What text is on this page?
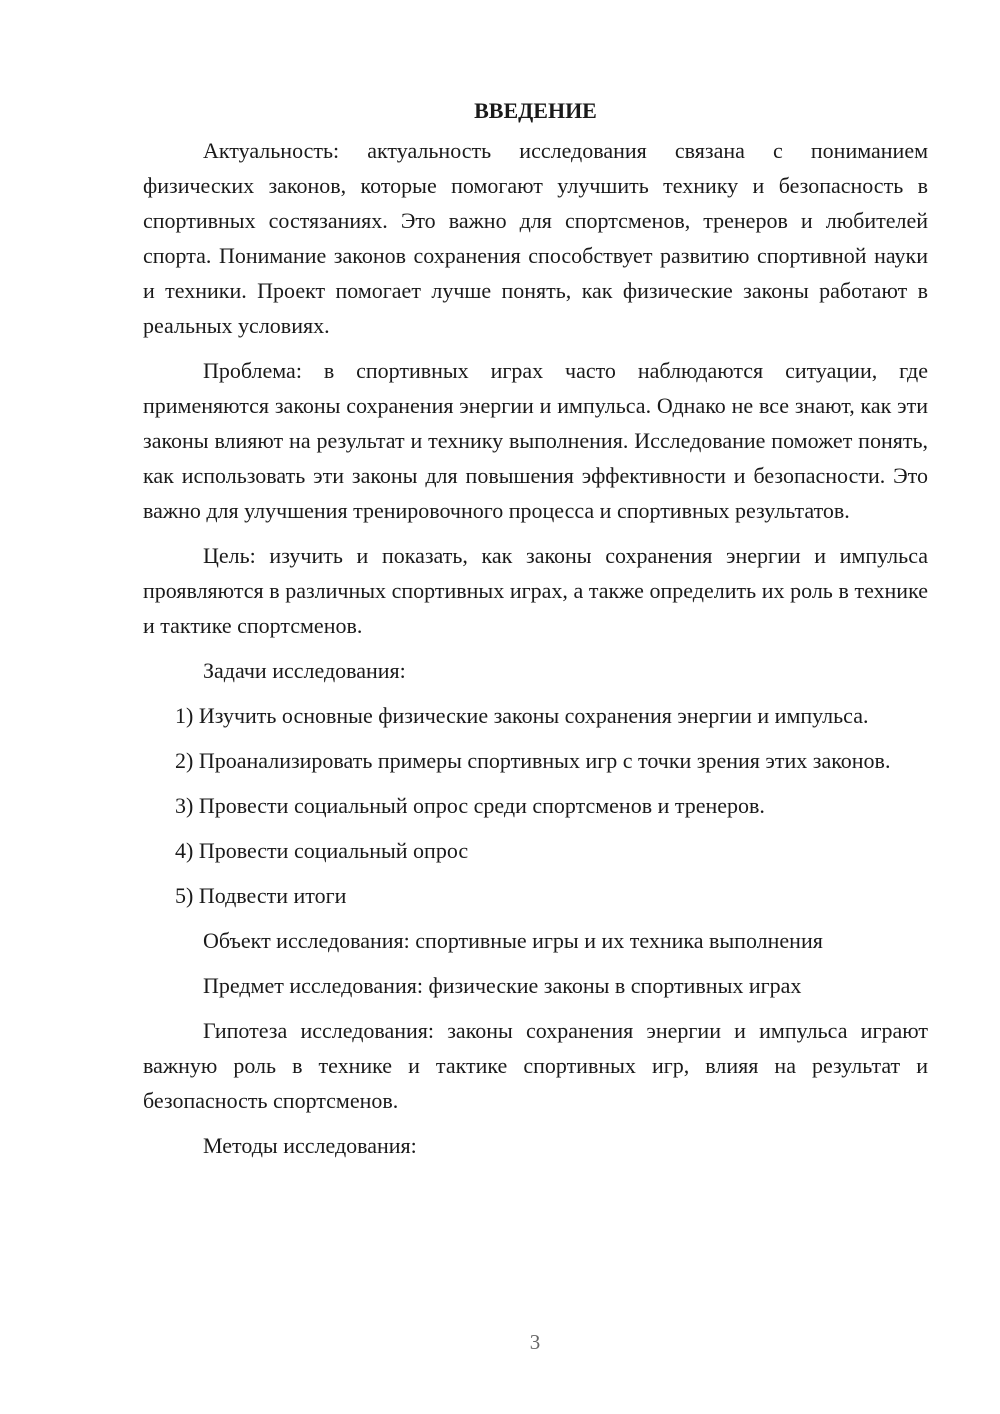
ВВЕДЕНИЕ

Актуальность: актуальность исследования связана с пониманием физических законов, которые помогают улучшить технику и безопасность в спортивных состязаниях. Это важно для спортсменов, тренеров и любителей спорта. Понимание законов сохранения способствует развитию спортивной науки и техники. Проект помогает лучше понять, как физические законы работают в реальных условиях.

Проблема: в спортивных играх часто наблюдаются ситуации, где применяются законы сохранения энергии и импульса. Однако не все знают, как эти законы влияют на результат и технику выполнения. Исследование поможет понять, как использовать эти законы для повышения эффективности и безопасности. Это важно для улучшения тренировочного процесса и спортивных результатов.

Цель: изучить и показать, как законы сохранения энергии и импульса проявляются в различных спортивных играх, а также определить их роль в технике и тактике спортсменов.

Задачи исследования:

1) Изучить основные физические законы сохранения энергии и импульса.

2) Проанализировать примеры спортивных игр с точки зрения этих законов.

3) Провести социальный опрос среди спортсменов и тренеров.

4) Провести социальный опрос

5) Подвести итоги

Объект исследования: спортивные игры и их техника выполнения

Предмет исследования: физические законы в спортивных играх

Гипотеза исследования: законы сохранения энергии и импульса играют важную роль в технике и тактике спортивных игр, влияя на результат и безопасность спортсменов.

Методы исследования:

3
